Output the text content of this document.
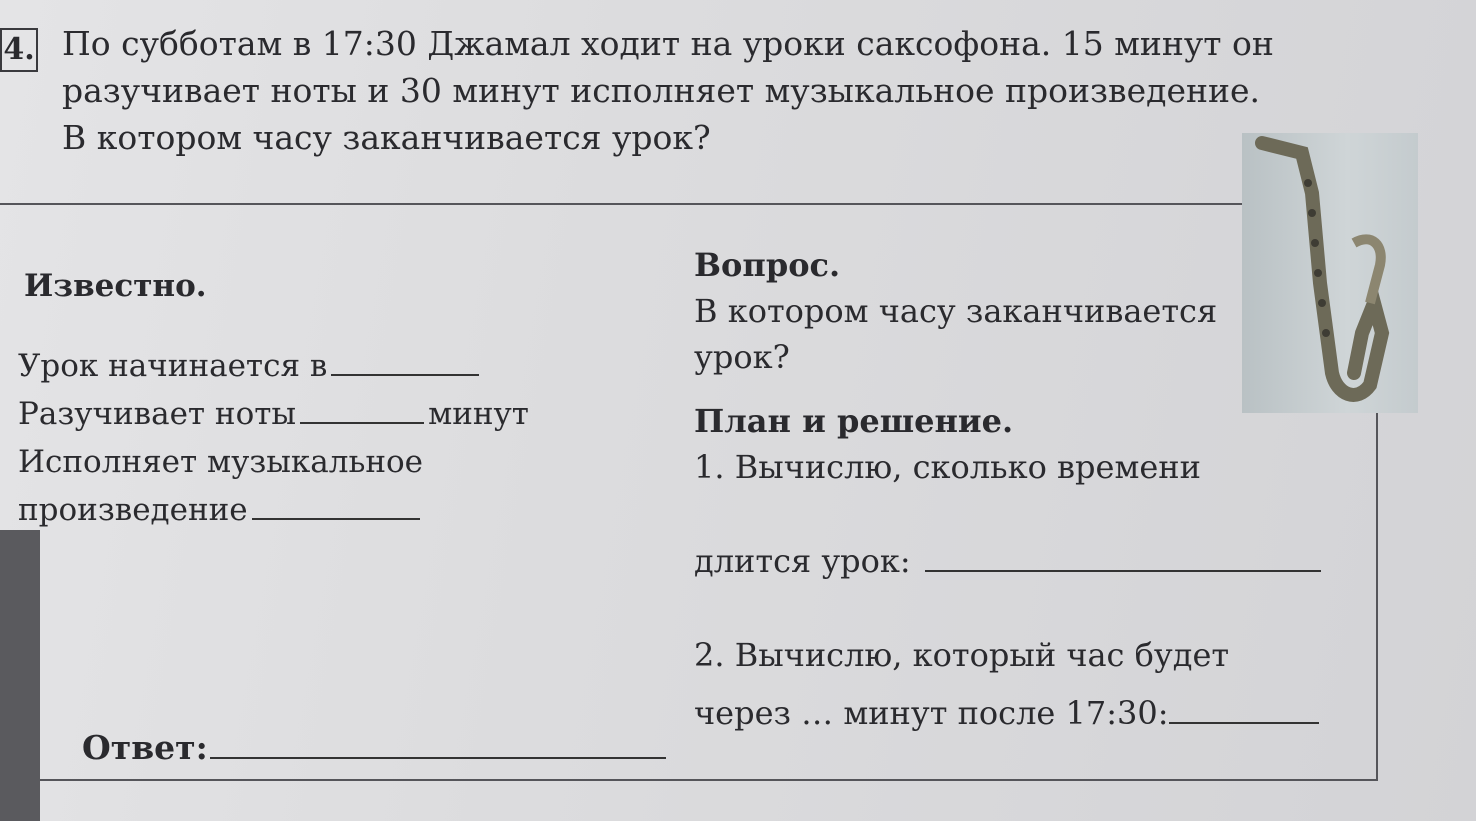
4. По субботам в 17:30 Джамал ходит на уроки саксофона. 15 минут он
разучивает ноты и 30 минут исполняет музыкальное произведение.
В котором часу заканчивается урок?
Известно.
Урок начинается в
Разучивает ноты	минут
Исполняет музыкальное
произведение
Ответ:
Вопрос.
В котором часу заканчивается
урок?
План и решение.
1. Вычислю, сколько времени
длится урок:
2. Вычислю, который час будет
через … минут после 17:30:
